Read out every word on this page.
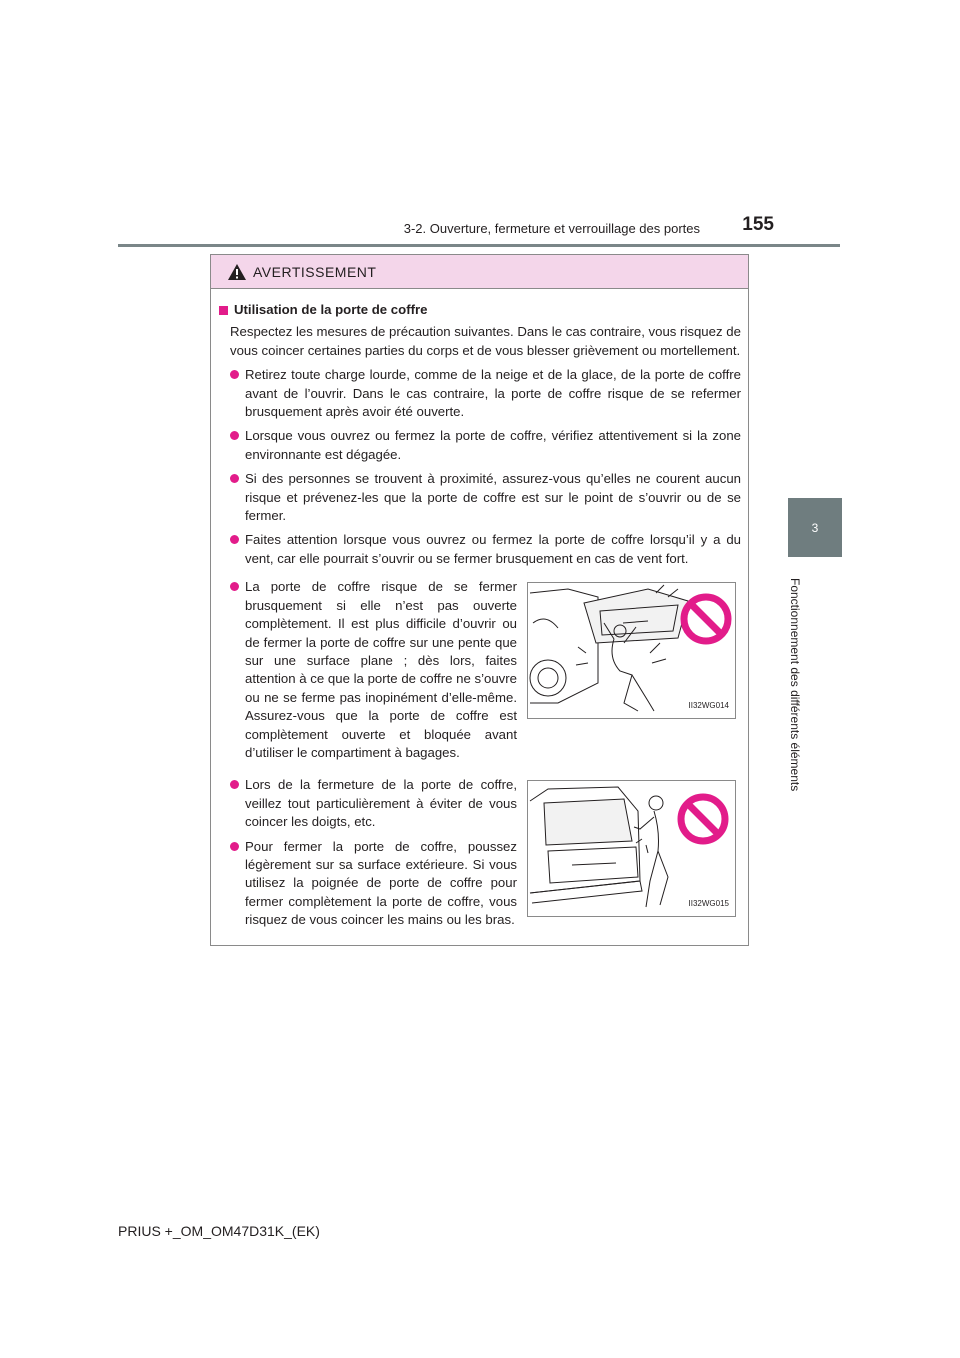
3-2. Ouverture, fermeture et verrouillage des portes	155
3
Fonctionnement des différents éléments
AVERTISSEMENT
Utilisation de la porte de coffre
Respectez les mesures de précaution suivantes. Dans le cas contraire, vous risquez de vous coincer certaines parties du corps et de vous blesser grièvement ou mortellement.
Retirez toute charge lourde, comme de la neige et de la glace, de la porte de coffre avant de l’ouvrir. Dans le cas contraire, la porte de coffre risque de se refermer brusquement après avoir été ouverte.
Lorsque vous ouvrez ou fermez la porte de coffre, vérifiez attentivement si la zone environnante est dégagée.
Si des personnes se trouvent à proximité, assurez-vous qu’elles ne courent aucun risque et prévenez-les que la porte de coffre est sur le point de s’ouvrir ou de se fermer.
Faites attention lorsque vous ouvrez ou fermez la porte de coffre lorsqu’il y a du vent, car elle pourrait s’ouvrir ou se fermer brusquement en cas de vent fort.
La porte de coffre risque de se fermer brusquement si elle n’est pas ouverte complètement. Il est plus difficile d’ouvrir ou de fermer la porte de coffre sur une pente que sur une surface plane ; dès lors, faites attention à ce que la porte de coffre ne s’ouvre ou ne se ferme pas inopinément d’elle-même. Assurez-vous que la porte de coffre est complètement ouverte et bloquée avant d’utiliser le compartiment à bagages.
II32WG014
Lors de la fermeture de la porte de coffre, veillez tout particulièrement à éviter de vous coincer les doigts, etc.
Pour fermer la porte de coffre, poussez légèrement sur sa surface extérieure. Si vous utilisez la poignée de porte de coffre pour fermer complètement la porte de coffre, vous risquez de vous coincer les mains ou les bras.
II32WG015
PRIUS +_OM_OM47D31K_(EK)
